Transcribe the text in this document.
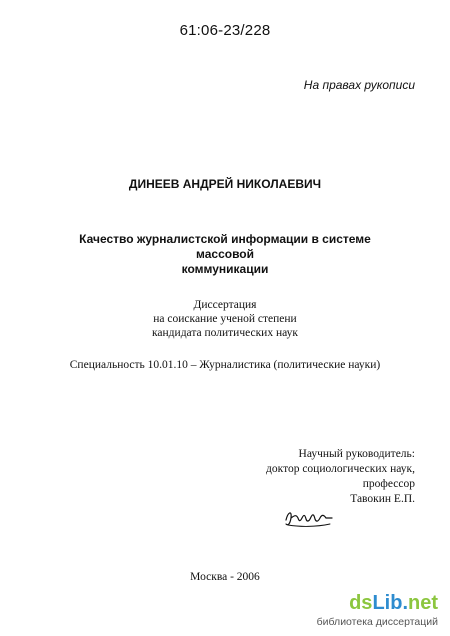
61:06-23/228
На правах рукописи
ДИНЕЕВ АНДРЕЙ НИКОЛАЕВИЧ
Качество журналистской информации в системе массовой
коммуникации
Диссертация
на соискание ученой степени
кандидата политических наук
Специальность 10.01.10 – Журналистика (политические науки)
Научный руководитель:
доктор социологических наук,
профессор
Тавокин Е.П.
Москва - 2006
dsLib.net
библиотека диссертаций
